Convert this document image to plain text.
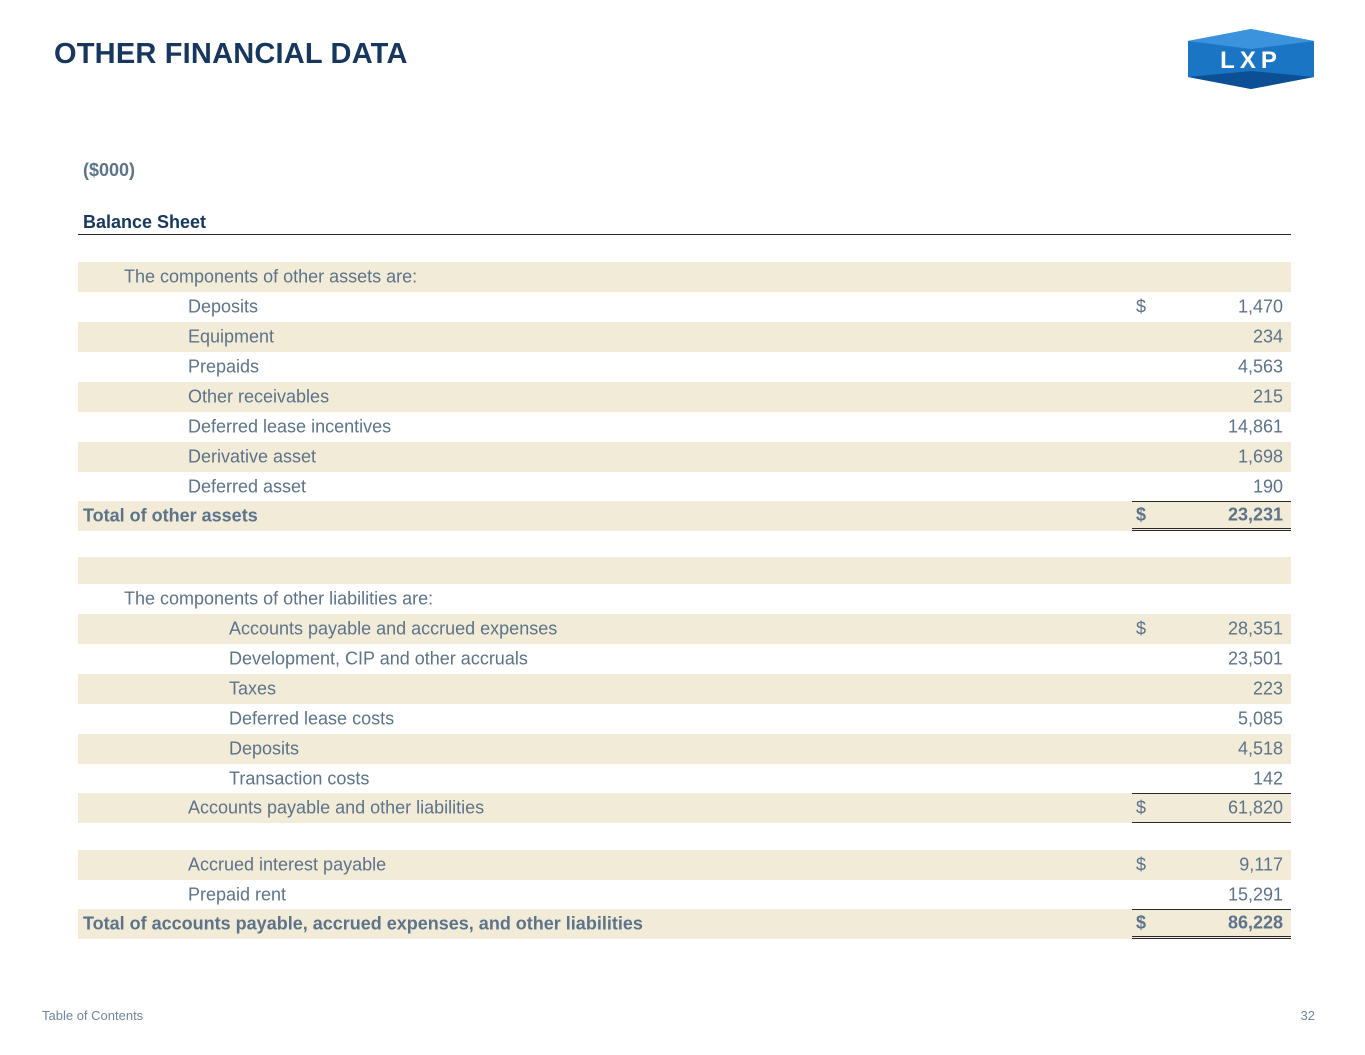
OTHER FINANCIAL DATA	LXP
($000)
Balance Sheet
The components of other assets are:
Deposits	$	1,470
Equipment	234
Prepaids	4,563
Other receivables	215
Deferred lease incentives	14,861
Derivative asset	1,698
Deferred asset	190
Total of other assets	$	23,231
The components of other liabilities are:
Accounts payable and accrued expenses	$	28,351
Development, CIP and other accruals	23,501
Taxes	223
Deferred lease costs	5,085
Deposits	4,518
Transaction costs	142
Accounts payable and other liabilities	$	61,820
Accrued interest payable	$	9,117
Prepaid rent	15,291
Total of accounts payable, accrued expenses, and other liabilities	$	86,228
Table of Contents	32
